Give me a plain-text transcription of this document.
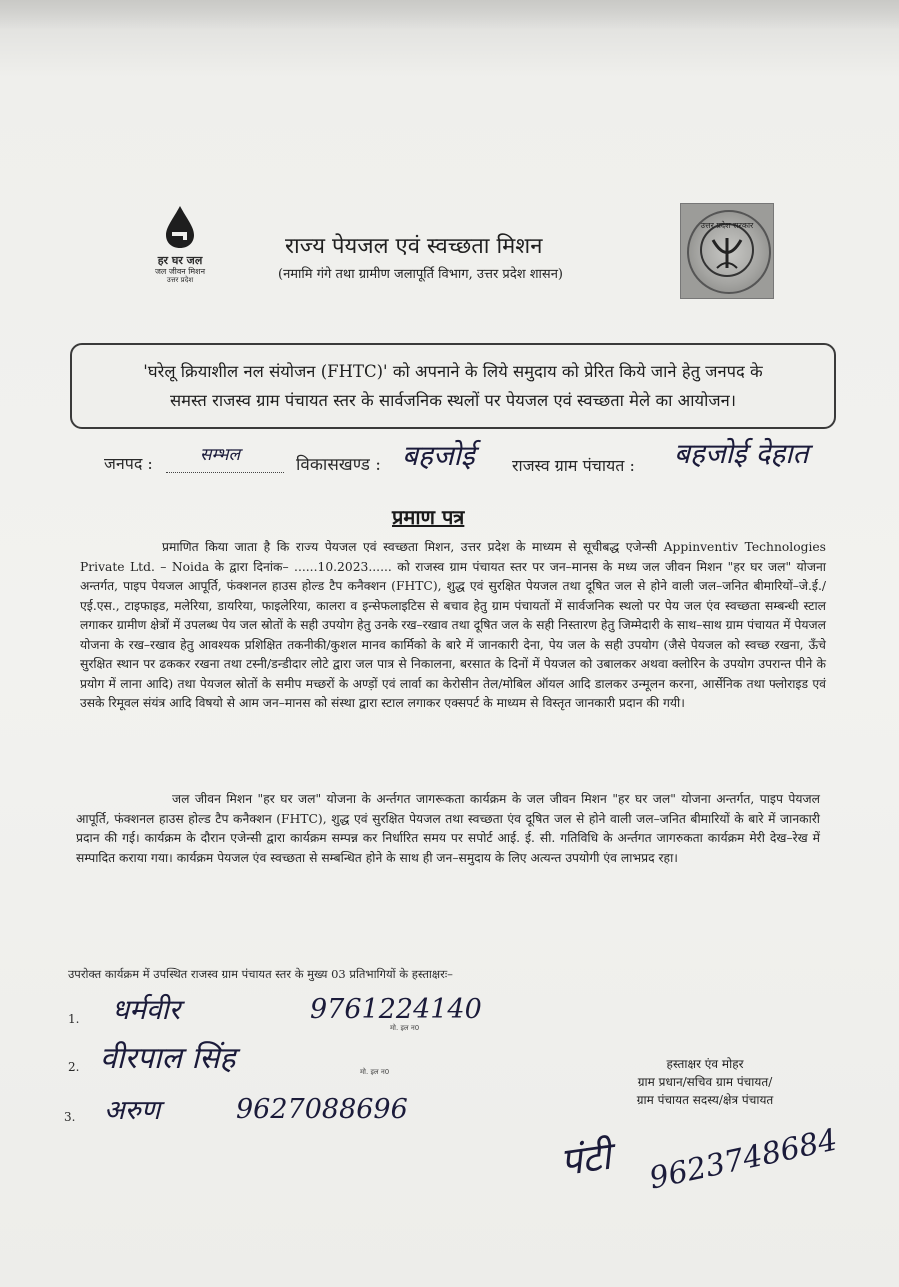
हर घर जल
जल जीवन मिशन
उत्तर प्रदेश
राज्य पेयजल एवं स्वच्छता मिशन
(नमामि गंगे तथा ग्रामीण जलापूर्ति विभाग, उत्तर प्रदेश शासन)
उत्तर प्रदेश सरकार

'घरेलू क्रियाशील नल संयोजन (FHTC)' को अपनाने के लिये समुदाय को प्रेरित किये जाने हेतु जनपद के

समस्त राजस्व ग्राम पंचायत स्तर के सार्वजनिक स्थलों पर पेयजल एवं स्वच्छता मेले का आयोजन।

जनपद :	सम्भल	विकासखण्ड : बहजोई राजस्व ग्राम पंचायत : बहजोई देहात
प्रमाण पत्र
प्रमाणित किया जाता है कि राज्य पेयजल एवं स्वच्छता मिशन, उत्तर प्रदेश के माध्यम से सूचीबद्ध एजेन्सी Appinventiv Technologies Private Ltd. – Noida के द्वारा दिनांक– ......10.2023...... को राजस्व ग्राम पंचायत स्तर पर जन–मानस के मध्य जल जीवन मिशन "हर घर जल" योजना अन्तर्गत, पाइप पेयजल आपूर्ति, फंक्शनल हाउस होल्ड टैप कनैक्शन (FHTC), शुद्ध एवं सुरक्षित पेयजल तथा दूषित जल से होने वाली जल–जनित बीमारियों–जे.ई./एई.एस., टाइफाइड, मलेरिया, डायरिया, फाइलेरिया, कालरा व इन्सेफलाइटिस से बचाव हेतु ग्राम पंचायतों में सार्वजनिक स्थलो पर पेय जल एंव स्वच्छता सम्बन्धी स्टाल लगाकर ग्रामीण क्षेत्रों में उपलब्ध पेय जल स्रोतों के सही उपयोग हेतु उनके रख–रखाव तथा दूषित जल के सही निस्तारण हेतु जिम्मेदारी के साथ–साथ ग्राम पंचायत में पेयजल योजना के रख–रखाव हेतु आवश्यक प्रशिक्षित तकनीकी/कुशल मानव कार्मिको के बारे में जानकारी देना, पेय जल के सही उपयोग (जैसे पेयजल को स्वच्छ रखना, ऊँचे सुरक्षित स्थान पर ढककर रखना तथा टस्नी/डन्डीदार लोटे द्वारा जल पात्र से निकालना, बरसात के दिनों में पेयजल को उबालकर अथवा क्लोरिन के उपयोग उपरान्त पीने के प्रयोग में लाना आदि) तथा पेयजल स्रोतों के समीप मच्छरों के अण्ड़ों एवं लार्वा का केरोसीन तेल/मोबिल ऑयल आदि डालकर उन्मूलन करना, आर्सेनिक तथा फ्लोराइड एवं उसके रिमूवल संयंत्र आदि विषयो से आम जन–मानस को संस्था द्वारा स्टाल लगाकर एक्सपर्ट के माध्यम से विस्तृत जानकारी प्रदान की गयी।
जल जीवन मिशन "हर घर जल" योजना के अर्न्तगत जागरूकता कार्यक्रम के जल जीवन मिशन "हर घर जल" योजना अन्तर्गत, पाइप पेयजल आपूर्ति, फंक्शनल हाउस होल्ड टैप कनैक्शन (FHTC), शुद्ध एवं सुरक्षित पेयजल तथा स्वच्छता एंव दूषित जल से होने वाली जल–जनित बीमारियों के बारे में जानकारी प्रदान की गई। कार्यक्रम के दौरान एजेन्सी द्वारा कार्यक्रम सम्पन्न कर निर्धारित समय पर सपोर्ट आई. ई. सी. गतिविधि के अर्न्तगत जागरुकता कार्यक्रम मेरी देख–रेख में सम्पादित कराया गया। कार्यक्रम पेयजल एंव स्वच्छता से सम्बन्धित होने के साथ ही जन–समुदाय के लिए अत्यन्त उपयोगी एंव लाभप्रद रहा।
उपरोक्त कार्यक्रम में उपस्थित राजस्व ग्राम पंचायत स्तर के मुख्य 03 प्रतिभागियों के हस्ताक्षरः–
1. धर्मवीर	9761224140
मो. इल न0
2. वीरपाल सिंह	मो. इल न0
3. अरुण	9627088696
हस्ताक्षर एंव मोहर
ग्राम प्रधान/सचिव ग्राम पंचायत/
ग्राम पंचायत सदस्य/क्षेत्र पंचायत
पंटी 9623748684
